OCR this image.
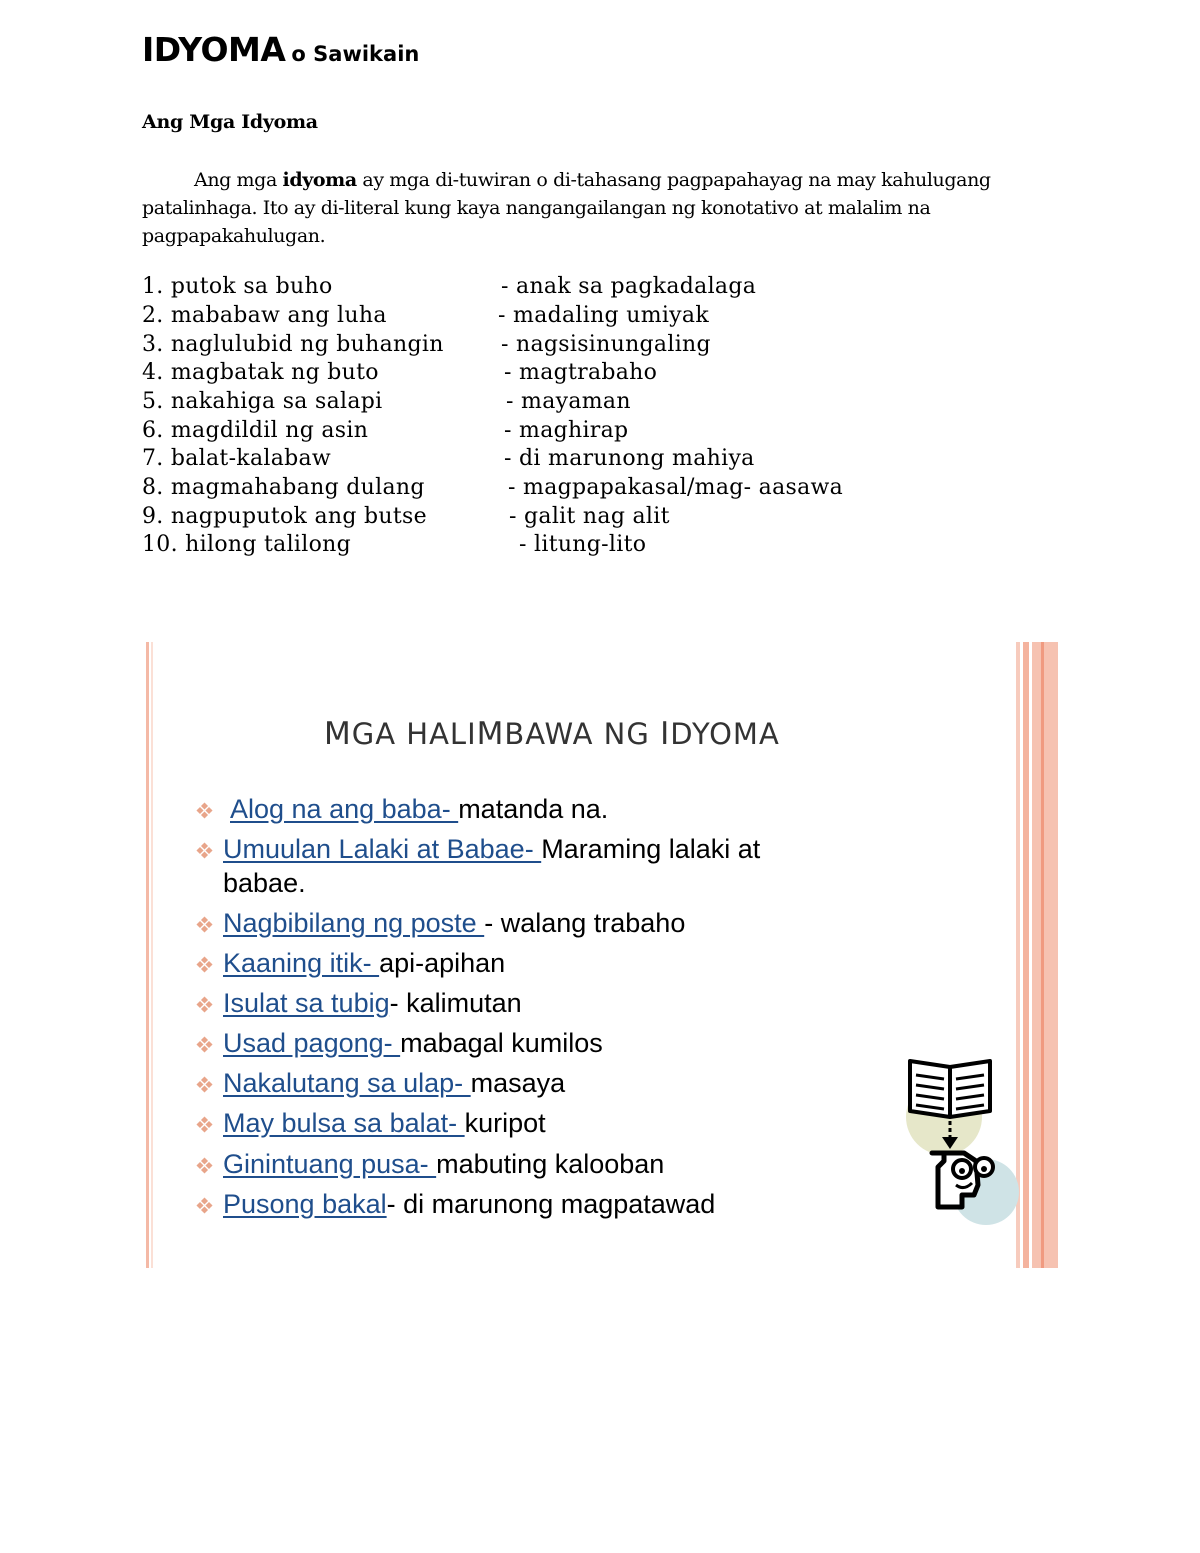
IDYOMA o Sawikain
Ang Mga Idyoma
Ang mga idyoma ay mga di-tuwiran o di-tahasang pagpapahayag na may kahulugang patalinhaga. Ito ay di-literal kung kaya nangangailangan ng konotativo at malalim na pagpapakahulugan.
1. putok sa buho	- anak sa pagkadalaga
2. mababaw ang luha	- madaling umiyak
3. naglulubid ng buhangin	- nagsisinungaling
4. magbatak ng buto	- magtrabaho
5. nakahiga sa salapi	- mayaman
6. magdildil ng asin	- maghirap
7. balat-kalabaw	- di marunong mahiya
8. magmahabang dulang	- magpapakasal/mag- aasawa
9. nagpuputok ang butse	- galit nag alit
10. hilong talilong	- litung-lito
MGA HALIMBAWA NG IDYOMA
Alog na ang baba- matanda na.
Umuulan Lalaki at Babae- Maraming lalaki at babae.
Nagbibilang ng poste - walang trabaho
Kaaning itik- api-apihan
Isulat sa tubig- kalimutan
Usad pagong- mabagal kumilos
Nakalutang sa ulap- masaya
May bulsa sa balat- kuripot
Ginintuang pusa- mabuting kalooban
Pusong bakal- di marunong magpatawad
